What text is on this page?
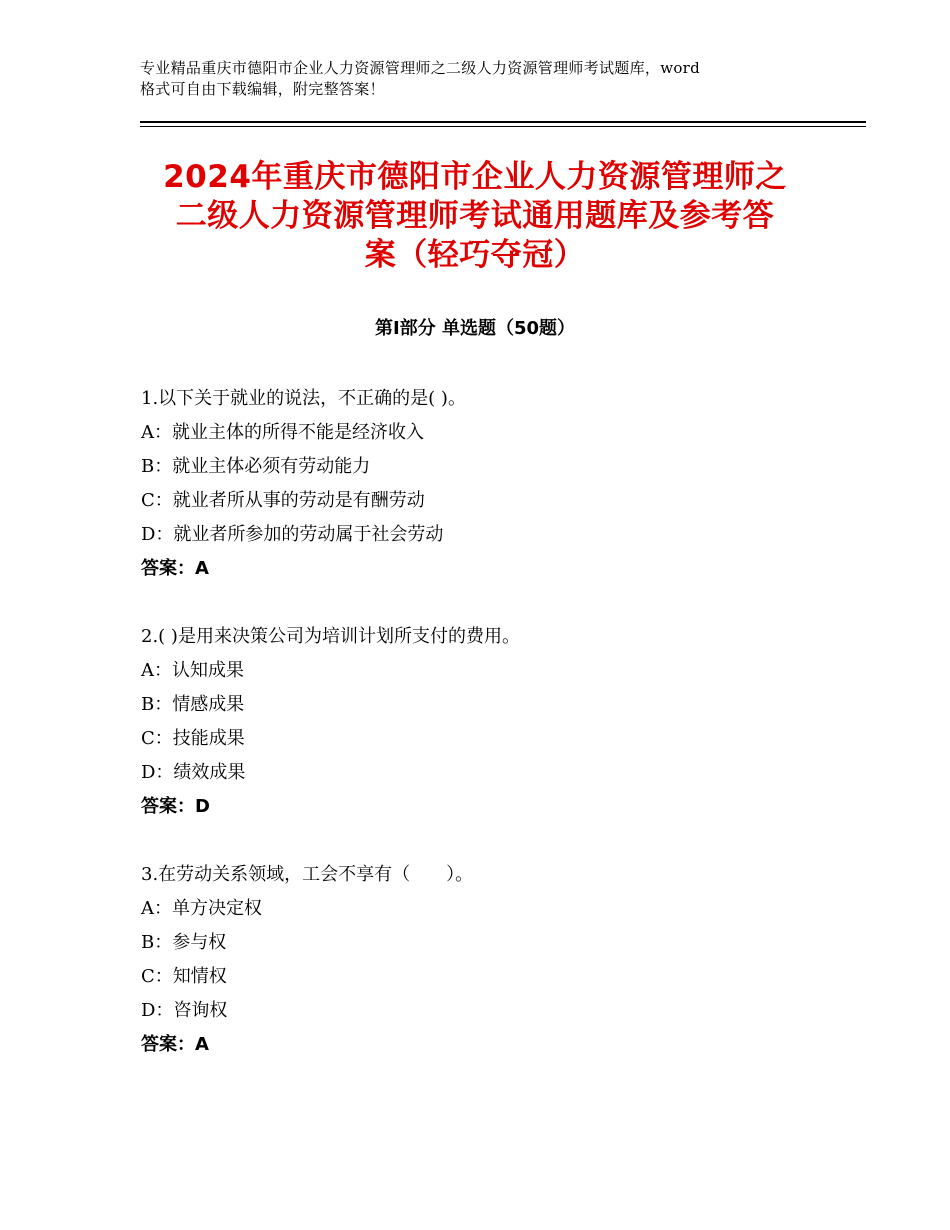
专业精品重庆市德阳市企业人力资源管理师之二级人力资源管理师考试题库，word
格式可自由下载编辑，附完整答案！
2024年重庆市德阳市企业人力资源管理师之
二级人力资源管理师考试通用题库及参考答
案（轻巧夺冠）
第Ⅰ部分 单选题（50题）
1.以下关于就业的说法，不正确的是( )。
A：就业主体的所得不能是经济收入
B：就业主体必须有劳动能力
C：就业者所从事的劳动是有酬劳动
D：就业者所参加的劳动属于社会劳动
答案：A
2.( )是用来决策公司为培训计划所支付的费用。
A：认知成果
B：情感成果
C：技能成果
D：绩效成果
答案：D
3.在劳动关系领域，工会不享有（　　）。
A：单方决定权
B：参与权
C：知情权
D：咨询权
答案：A
